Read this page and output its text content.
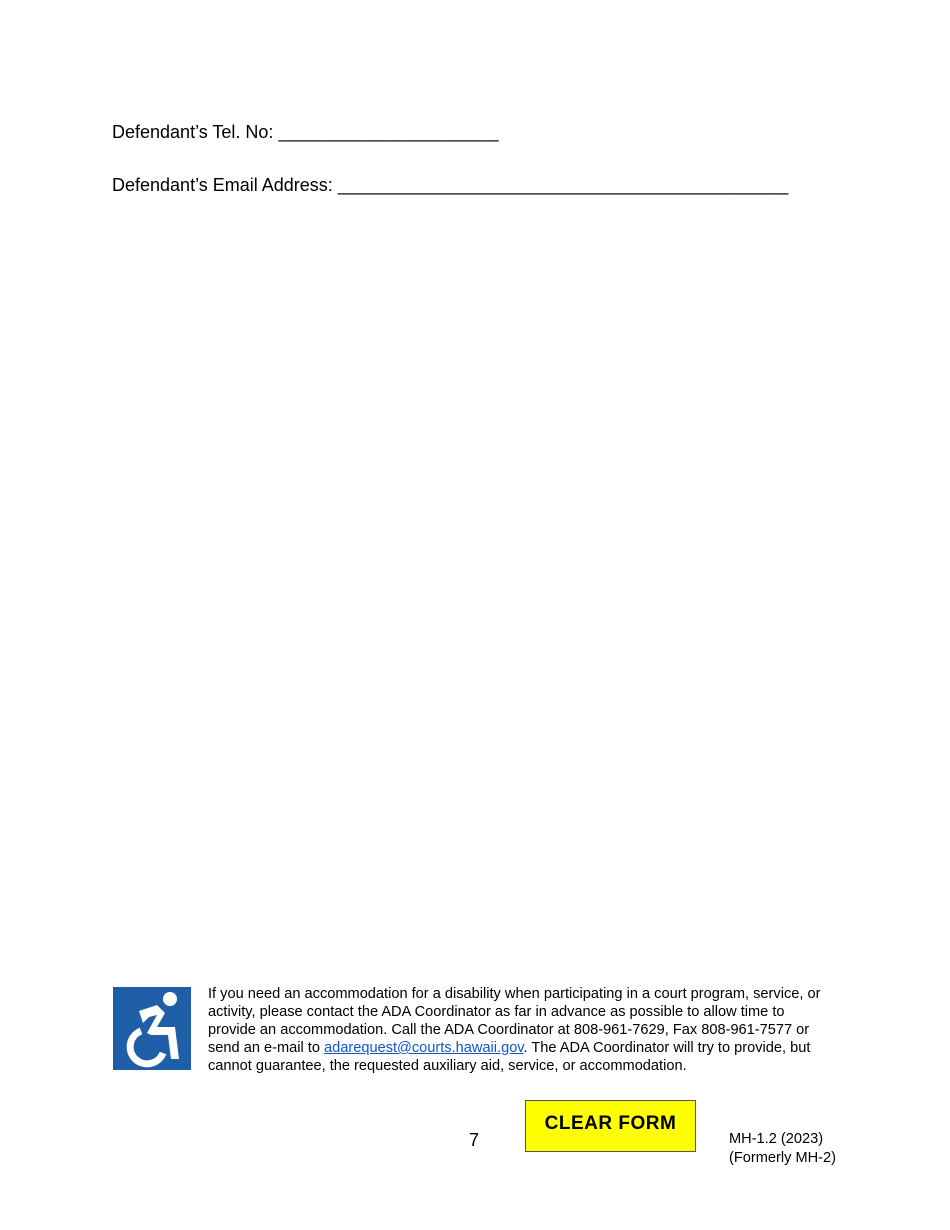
Defendant’s Tel. No: ______________________
Defendant’s Email Address: _____________________________________________

If you need an accommodation for a disability when participating in a court program, service, or activity, please contact the ADA Coordinator as far in advance as possible to allow time to provide an accommodation. Call the ADA Coordinator at 808-961-7629, Fax 808-961-7577 or send an e-mail to adarequest@courts.hawaii.gov. The ADA Coordinator will try to provide, but cannot guarantee, the requested auxiliary aid, service, or accommodation.

7
CLEAR FORM
MH-1.2 (2023)
(Formerly MH-2)
